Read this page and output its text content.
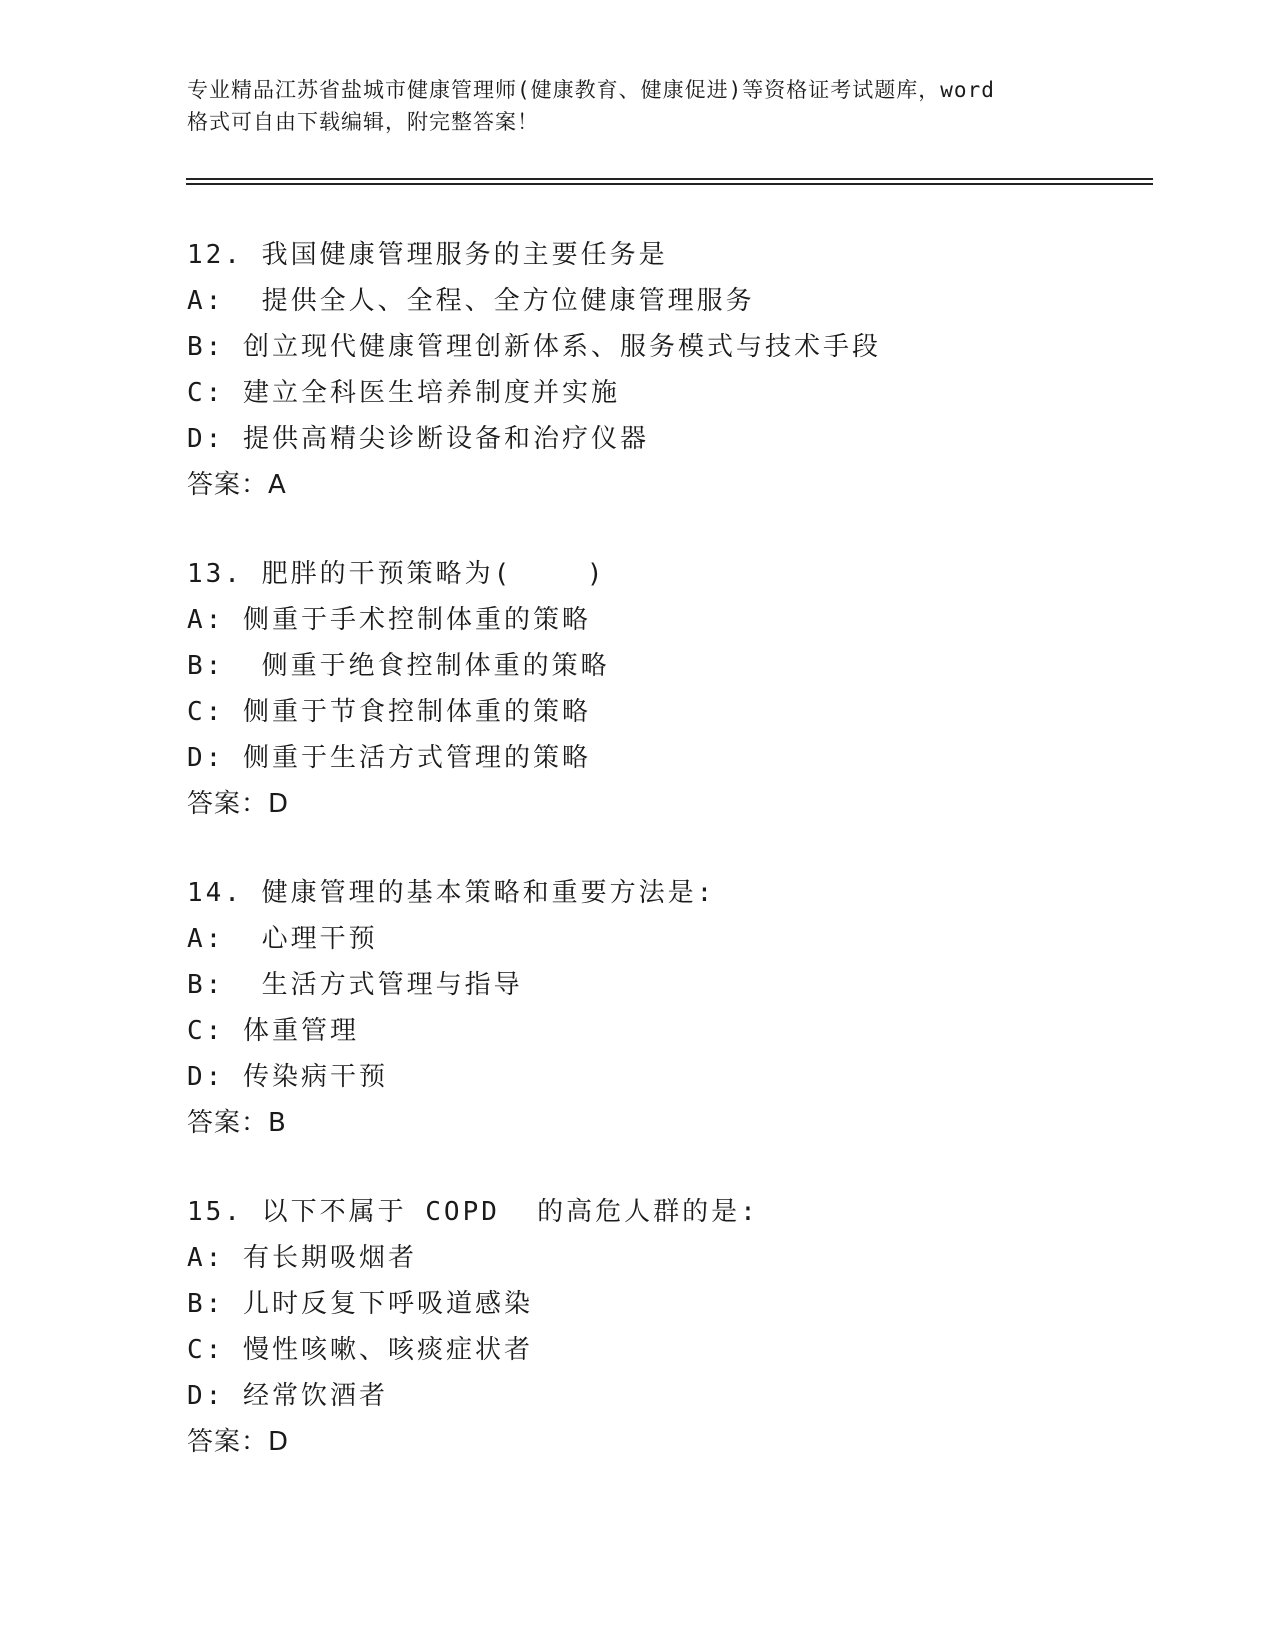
专业精品江苏省盐城市健康管理师(健康教育、健康促进)等资格证考试题库，word
格式可自由下载编辑，附完整答案！
12. 我国健康管理服务的主要任务是
A:  提供全人、全程、全方位健康管理服务
B: 创立现代健康管理创新体系、服务模式与技术手段
C: 建立全科医生培养制度并实施
D: 提供高精尖诊断设备和治疗仪器
答案：A
13. 肥胖的干预策略为(    )
A: 侧重于手术控制体重的策略
B:  侧重于绝食控制体重的策略
C: 侧重于节食控制体重的策略
D: 侧重于生活方式管理的策略
答案：D
14. 健康管理的基本策略和重要方法是:
A:  心理干预
B:  生活方式管理与指导
C: 体重管理
D: 传染病干预
答案：B
15. 以下不属于 COPD  的高危人群的是:
A: 有长期吸烟者
B: 儿时反复下呼吸道感染
C: 慢性咳嗽、咳痰症状者
D: 经常饮酒者
答案：D
